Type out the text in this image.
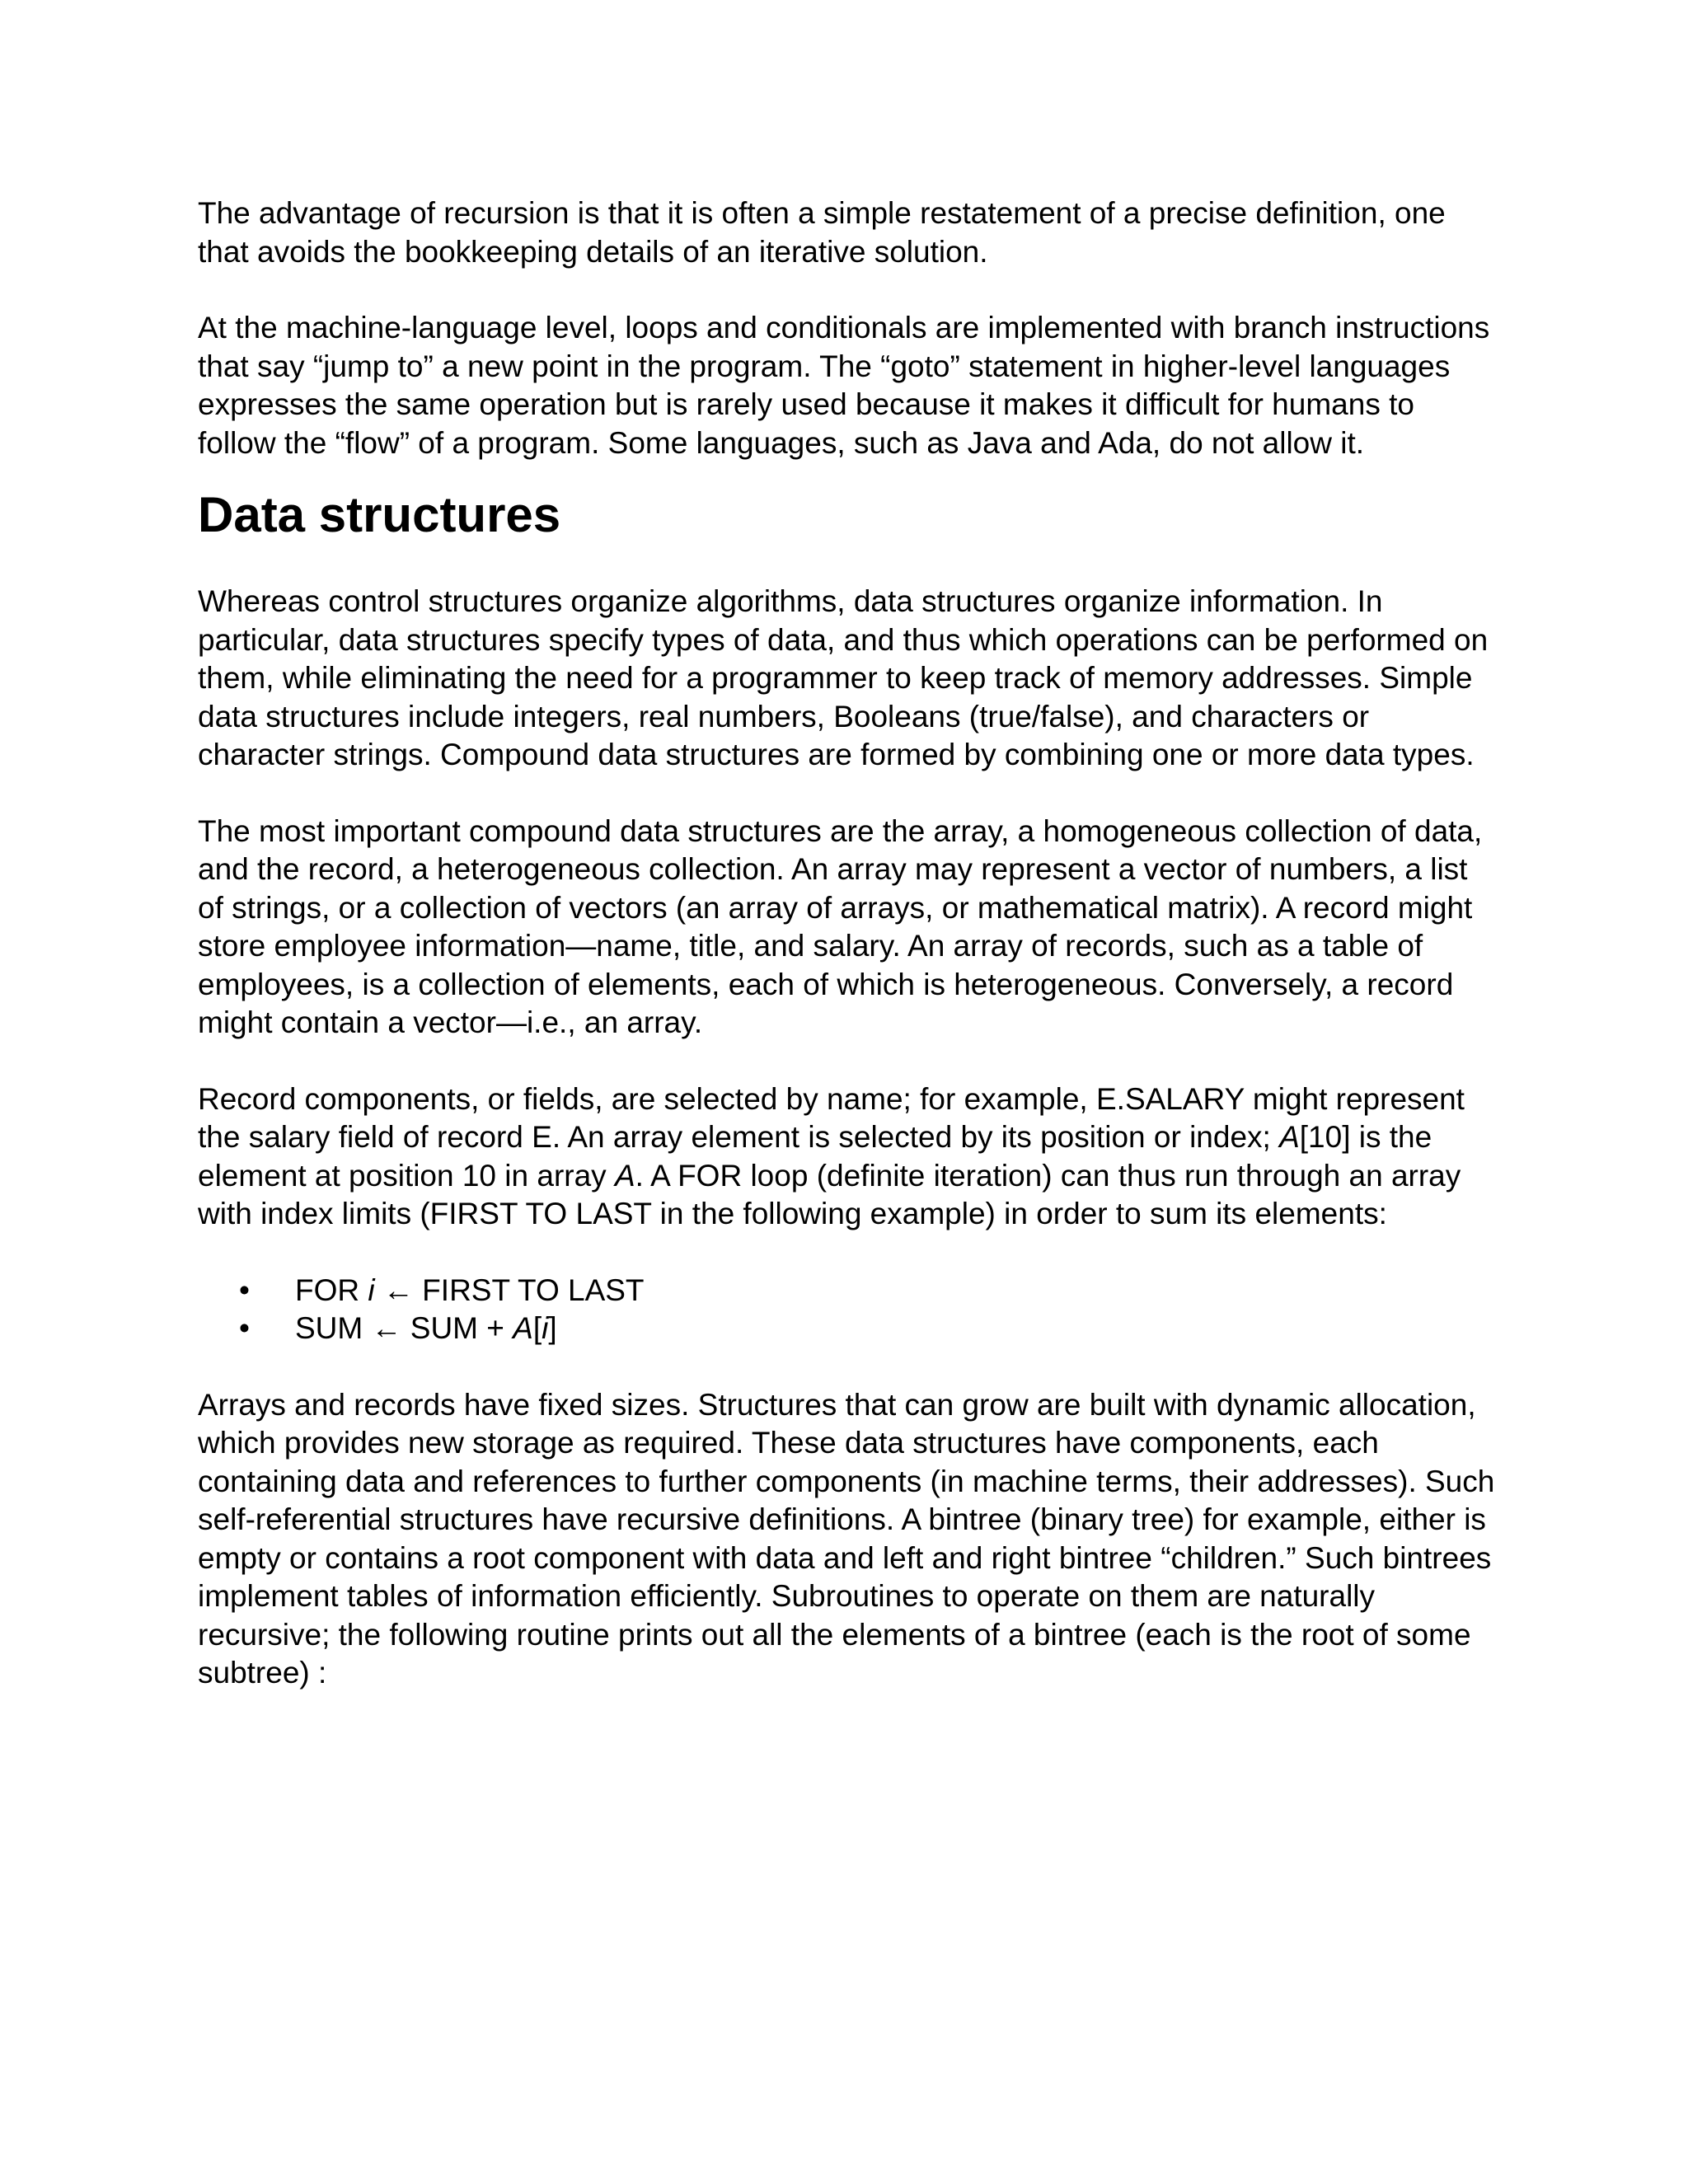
The advantage of recursion is that it is often a simple restatement of a precise definition, one that avoids the bookkeeping details of an iterative solution.

At the machine-language level, loops and conditionals are implemented with branch instructions that say “jump to” a new point in the program. The “goto” statement in higher-level languages expresses the same operation but is rarely used because it makes it difficult for humans to follow the “flow” of a program. Some languages, such as Java and Ada, do not allow it.

Data structures

Whereas control structures organize algorithms, data structures organize information. In particular, data structures specify types of data, and thus which operations can be performed on them, while eliminating the need for a programmer to keep track of memory addresses. Simple data structures include integers, real numbers, Booleans (true/false), and characters or character strings. Compound data structures are formed by combining one or more data types.

The most important compound data structures are the array, a homogeneous collection of data, and the record, a heterogeneous collection. An array may represent a vector of numbers, a list of strings, or a collection of vectors (an array of arrays, or mathematical matrix). A record might store employee information—name, title, and salary. An array of records, such as a table of employees, is a collection of elements, each of which is heterogeneous. Conversely, a record might contain a vector—i.e., an array.

Record components, or fields, are selected by name; for example, E.SALARY might represent the salary field of record E. An array element is selected by its position or index; A[10] is the element at position 10 in array A. A FOR loop (definite iteration) can thus run through an array with index limits (FIRST TO LAST in the following example) in order to sum its elements:

• FOR i ← FIRST TO LAST
• SUM ← SUM + A[i]

Arrays and records have fixed sizes. Structures that can grow are built with dynamic allocation, which provides new storage as required. These data structures have components, each containing data and references to further components (in machine terms, their addresses). Such self-referential structures have recursive definitions. A bintree (binary tree) for example, either is empty or contains a root component with data and left and right bintree “children.” Such bintrees implement tables of information efficiently. Subroutines to operate on them are naturally recursive; the following routine prints out all the elements of a bintree (each is the root of some subtree) :
